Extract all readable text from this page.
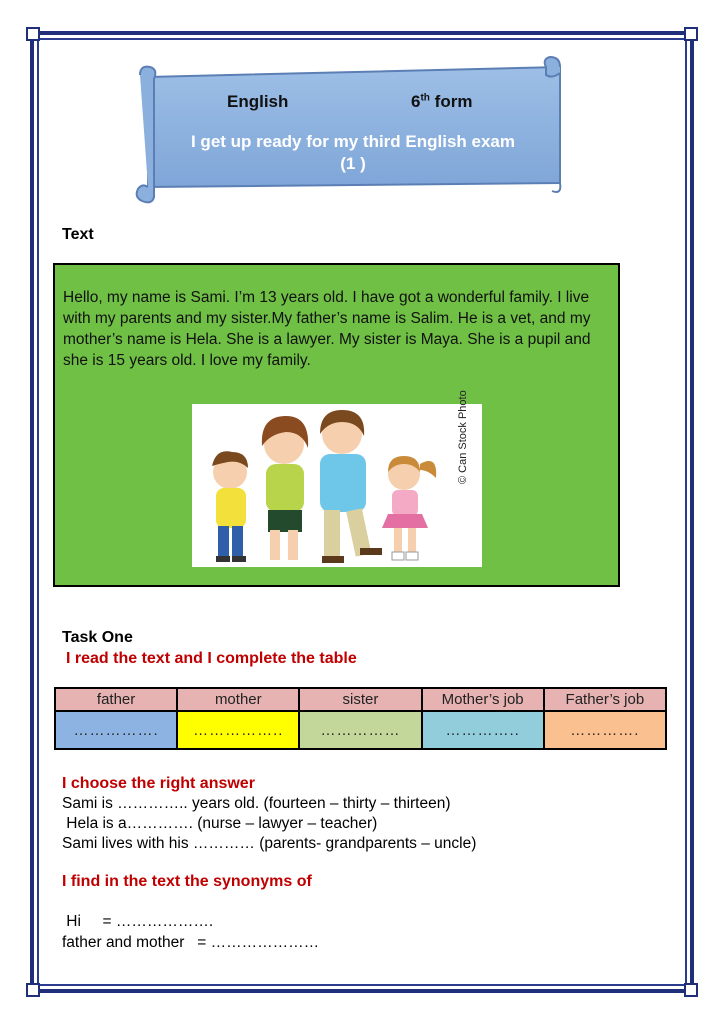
English	6th form
I get up ready for my third English exam
(1 )
Text

Hello, my name is Sami. I’m 13 years old. I have got a wonderful family. I live with my parents and my sister.My father’s name is Salim. He is a vet, and my mother’s name is Hela. She is a lawyer. My sister is Maya. She is a pupil and she is 15 years old. I love my family.

© Can Stock Photo
Task One
I read the text and I complete the table
father	mother	sister	Mother’s job	Father’s job
…………….	……………..	……………	…………..	………….
I choose the right answer
Sami is ………….. years old. (fourteen – thirty – thirteen)
Hela is a…………. (nurse – lawyer – teacher)
Sami lives with his ………… (parents- grandparents – uncle)
I find in the text the synonyms of
Hi     = ……………….
father and mother   = …………………
